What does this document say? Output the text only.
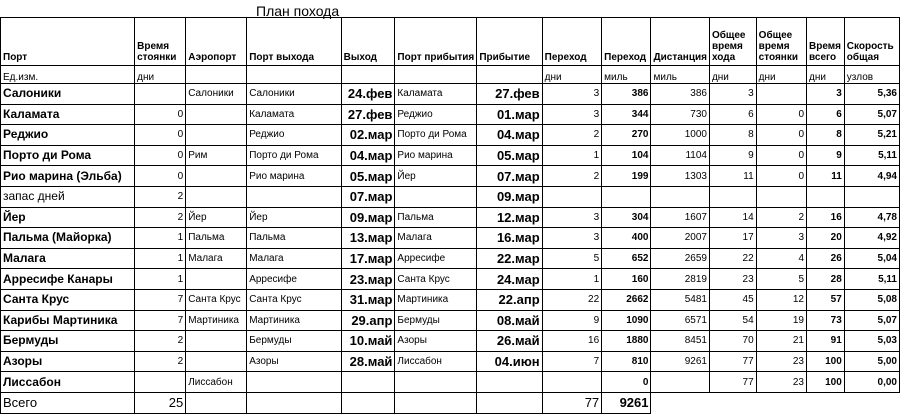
План похода
Порт	Время стоянки	Аэропорт	Порт выхода	Выход	Порт прибытия	Прибытие	Переход	Переход	Дистанция	Общее время хода	Общее время стоянки	Время всего	Скорость общая
Ед.изм.	дни						дни	миль	миль	дни	дни	дни	узлов
Салоники		Салоники	Салоники	24.фев	Каламата	27.фев	3	386	386	3		3	5,36
Каламата	0		Каламата	27.фев	Реджио	01.мар	3	344	730	6	0	6	5,07
Реджио	0		Реджио	02.мар	Порто ди Рома	04.мар	2	270	1000	8	0	8	5,21
Порто ди Рома	0	Рим	Порто ди Рома	04.мар	Рио марина	05.мар	1	104	1104	9	0	9	5,11
Рио марина (Эльба)	0		Рио марина	05.мар	Йер	07.мар	2	199	1303	11	0	11	4,94
запас дней	2			07.мар		09.мар							
Йер	2	Йер	Йер	09.мар	Пальма	12.мар	3	304	1607	14	2	16	4,78
Пальма (Майорка)	1	Пальма	Пальма	13.мар	Малага	16.мар	3	400	2007	17	3	20	4,92
Малага	1	Малага	Малага	17.мар	Арресифе	22.мар	5	652	2659	22	4	26	5,04
Арресифе Канары	1		Арресифе	23.мар	Санта Крус	24.мар	1	160	2819	23	5	28	5,11
Санта Крус	7	Санта Крус	Санта Крус	31.мар	Мартиника	22.апр	22	2662	5481	45	12	57	5,08
Карибы Мартиника	7	Мартиника	Мартиника	29.апр	Бермуды	08.май	9	1090	6571	54	19	73	5,07
Бермуды	2		Бермуды	10.май	Азоры	26.май	16	1880	8451	70	21	91	5,03
Азоры	2		Азоры	28.май	Лиссабон	04.июн	7	810	9261	77	23	100	5,00
Лиссабон		Лиссабон						0		77	23	100	0,00
Всего	25						77	9261					
